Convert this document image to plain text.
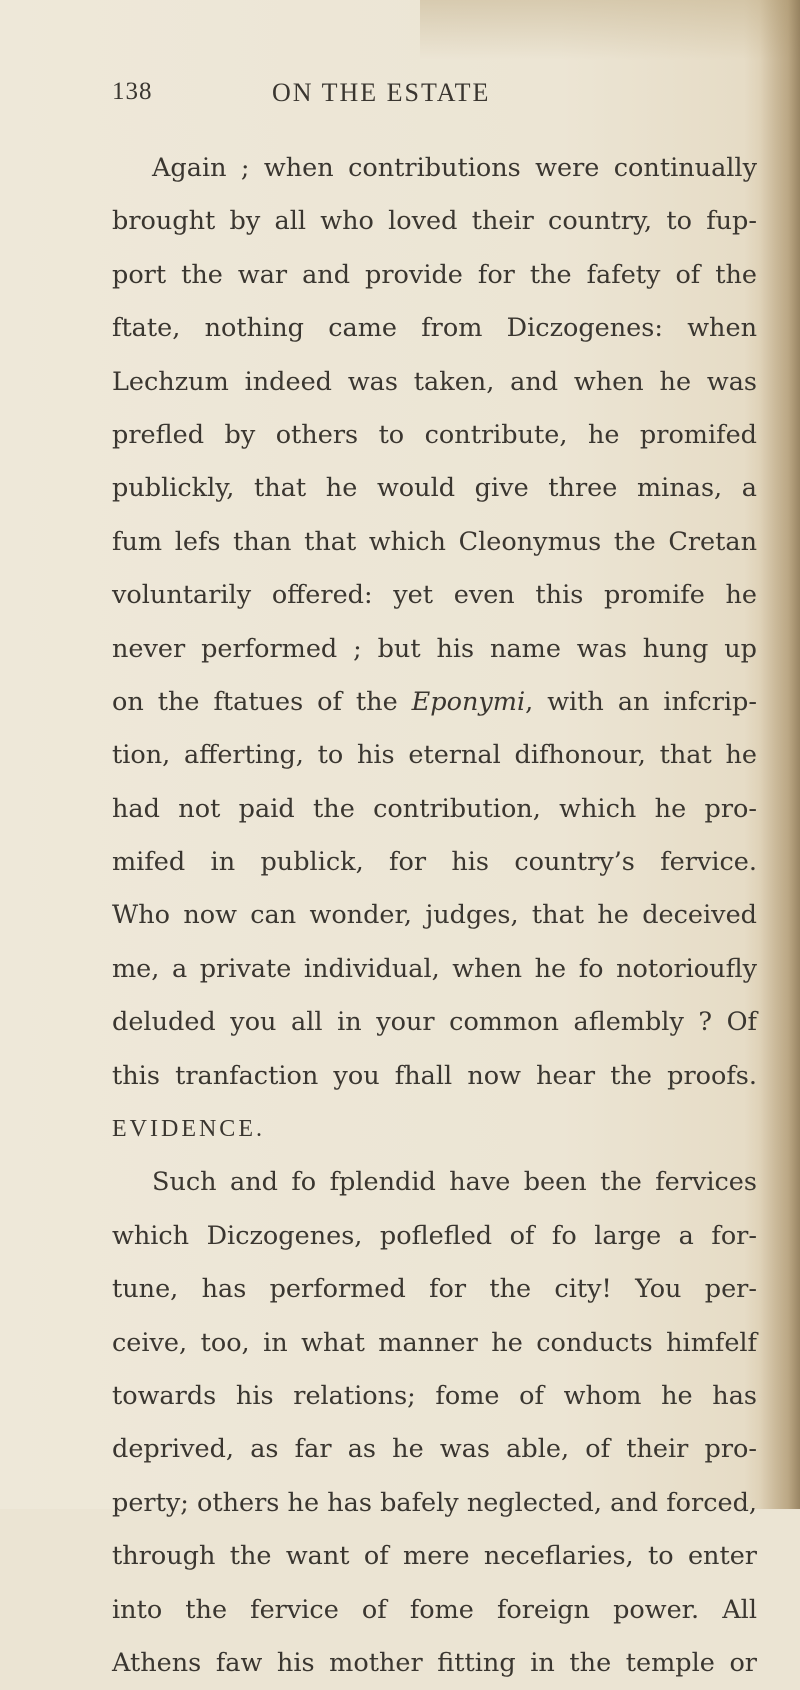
138	ON THE ESTATE
Again ; when contributions were continually
brought by all who loved their country, to fup-
port the war and provide for the fafety of the
ftate, nothing came from Diczogenes: when
Lechzum indeed was taken, and when he was
prefled by others to contribute, he promifed
publickly, that he would give three minas, a
fum lefs than that which Cleonymus the Cretan
voluntarily offered: yet even this promife he
never performed ; but his name was hung up
on the ftatues of the Eponymi, with an infcrip-
tion, afferting, to his eternal difhonour, that he
had not paid the contribution, which he pro-
mifed in publick, for his country’s fervice.
Who now can wonder, judges, that he deceived
me, a private individual, when he fo notorioufly
deluded you all in your common aflembly ? Of
this tranfaction you fhall now hear the proofs.
EVIDENCE.
Such and fo fplendid have been the fervices
which Diczogenes, poflefled of fo large a for-
tune, has performed for the city! You per-
ceive, too, in what manner he conducts himfelf
towards his relations; fome of whom he has
deprived, as far as he was able, of their pro-
perty; others he has bafely neglected, and forced,
through the want of mere neceflaries, to enter
into the fervice of fome foreign power. All
Athens faw his mother fitting in the temple or
